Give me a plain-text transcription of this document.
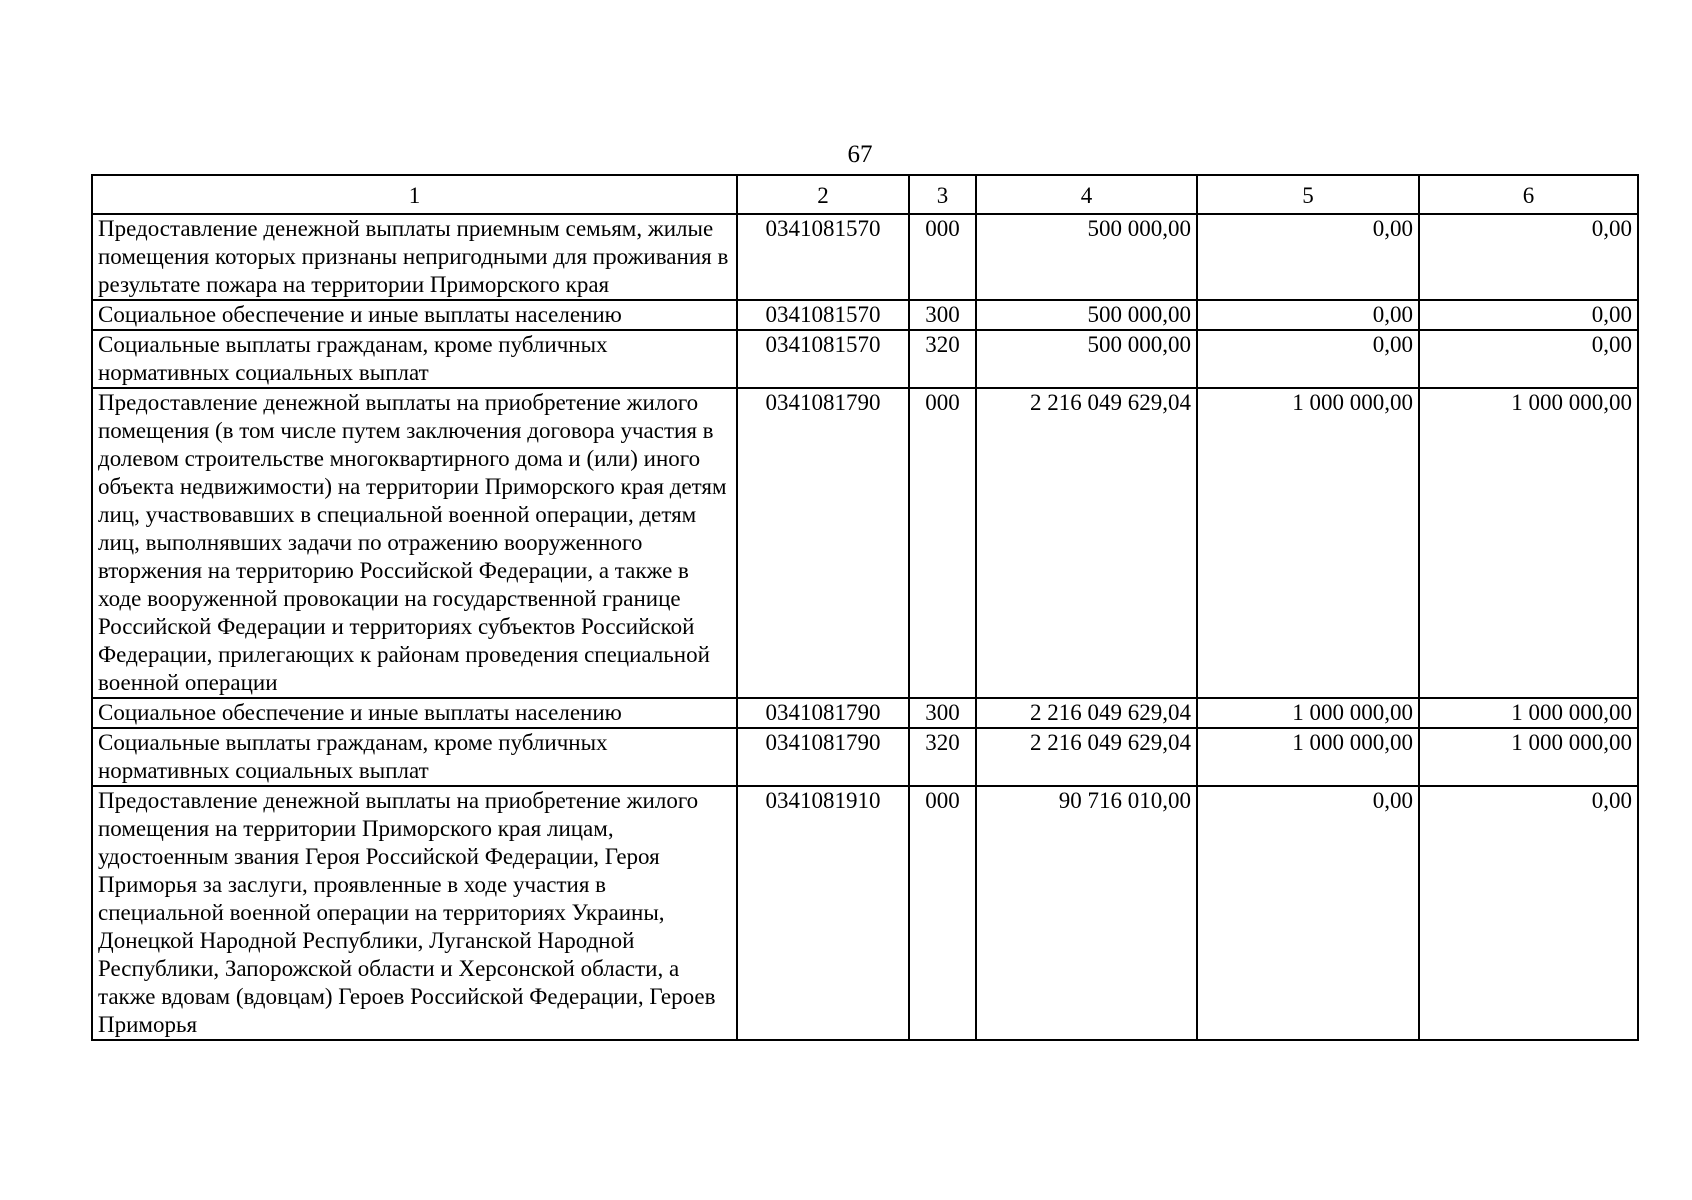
67
1	2	3	4	5	6
Предоставление денежной выплаты приемным семьям, жилые помещения которых признаны непригодными для проживания в результате пожара на территории Приморского края	0341081570	000	500 000,00	0,00	0,00
Социальное обеспечение и иные выплаты населению	0341081570	300	500 000,00	0,00	0,00
Социальные выплаты гражданам, кроме публичных нормативных социальных выплат	0341081570	320	500 000,00	0,00	0,00
Предоставление денежной выплаты на приобретение жилого помещения (в том числе путем заключения договора участия в долевом строительстве многоквартирного дома и (или) иного объекта недвижимости) на территории Приморского края детям лиц, участвовавших в специальной военной операции, детям лиц, выполнявших задачи по отражению вооруженного вторжения на территорию Российской Федерации, а также в ходе вооруженной провокации на государственной границе Российской Федерации и территориях субъектов Российской Федерации, прилегающих к районам проведения специальной военной операции	0341081790	000	2 216 049 629,04	1 000 000,00	1 000 000,00
Социальное обеспечение и иные выплаты населению	0341081790	300	2 216 049 629,04	1 000 000,00	1 000 000,00
Социальные выплаты гражданам, кроме публичных нормативных социальных выплат	0341081790	320	2 216 049 629,04	1 000 000,00	1 000 000,00
Предоставление денежной выплаты на приобретение жилого помещения на территории Приморского края лицам, удостоенным звания Героя Российской Федерации, Героя Приморья за заслуги, проявленные в ходе участия в специальной военной операции на территориях Украины, Донецкой Народной Республики, Луганской Народной Республики, Запорожской области и Херсонской области, а также вдовам (вдовцам) Героев Российской Федерации, Героев Приморья	0341081910	000	90 716 010,00	0,00	0,00
